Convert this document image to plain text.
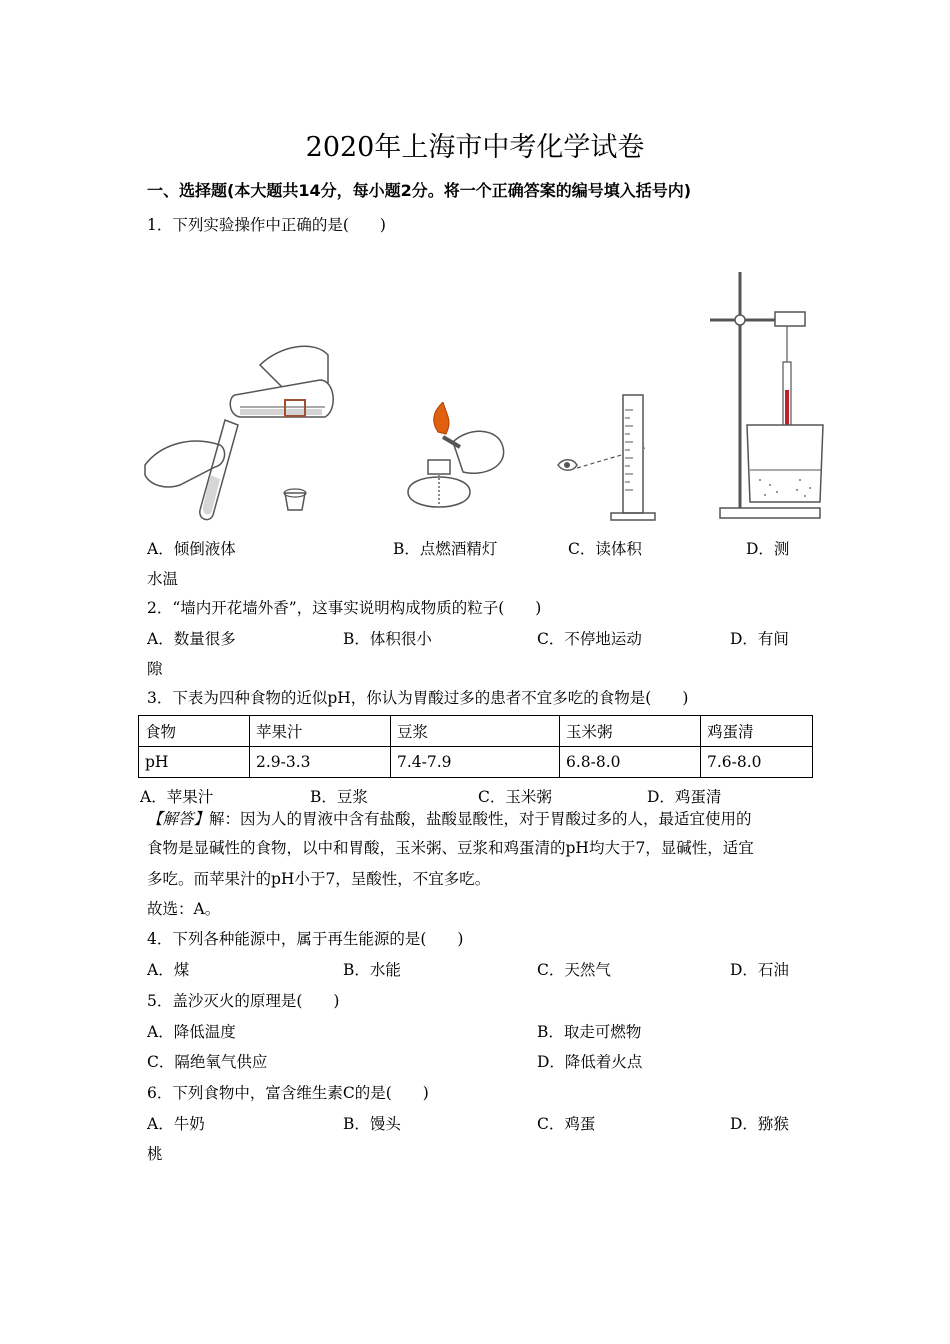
2020年上海市中考化学试卷
一、选择题(本大题共14分，每小题2分。将一个正确答案的编号填入括号内)
1．下列实验操作中正确的是(　　)
A．倾倒液体	B．点燃酒精灯	C．读体积	D．测
水温
2．“墙内开花墙外香”，这事实说明构成物质的粒子(　　)
A．数量很多	B．体积很小	C．不停地运动	D．有间
隙
3．下表为四种食物的近似pH，你认为胃酸过多的患者不宜多吃的食物是(　　)
食物	苹果汁	豆浆	玉米粥	鸡蛋清
pH	2.9-3.3	7.4-7.9	6.8-8.0	7.6-8.0
A．苹果汁	B．豆浆	C．玉米粥	D．鸡蛋清
【解答】解：因为人的胃液中含有盐酸，盐酸显酸性，对于胃酸过多的人，最适宜使用的
食物是显碱性的食物，以中和胃酸，玉米粥、豆浆和鸡蛋清的pH均大于7，显碱性，适宜
多吃。而苹果汁的pH小于7，呈酸性，不宜多吃。
故选：A。
4．下列各种能源中，属于再生能源的是(　　)
A．煤	B．水能	C．天然气	D．石油
5．盖沙灭火的原理是(　　)
A．降低温度	B．取走可燃物
C．隔绝氧气供应	D．降低着火点
6．下列食物中，富含维生素C的是(　　)
A．牛奶	B．馒头	C．鸡蛋	D．猕猴
桃
